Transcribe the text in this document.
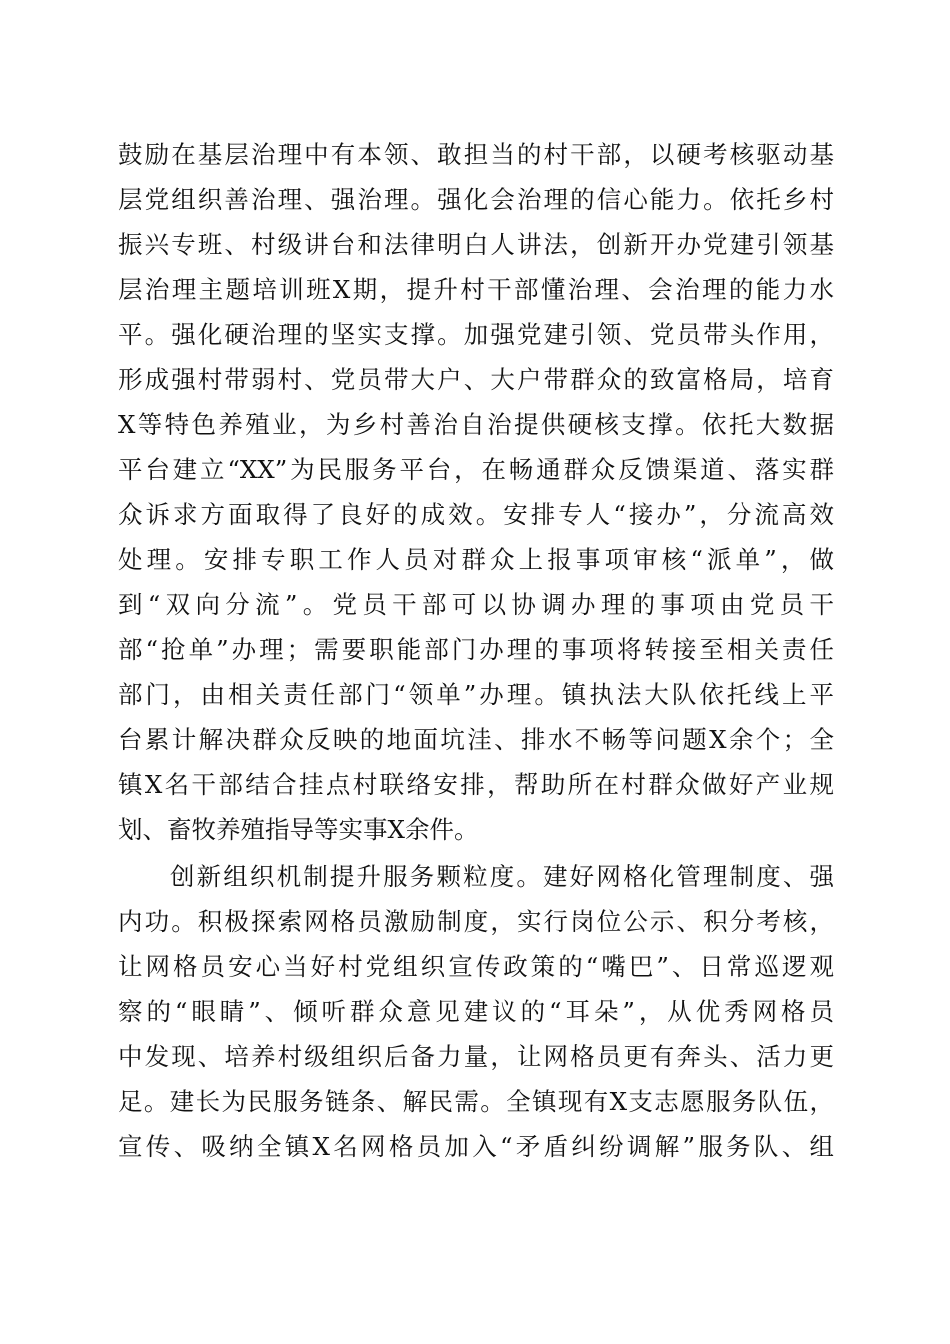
鼓励在基层治理中有本领、敢担当的村干部，以硬考核驱动基
层党组织善治理、强治理。强化会治理的信心能力。依托乡村
振兴专班、村级讲台和法律明白人讲法，创新开办党建引领基
层治理主题培训班X期，提升村干部懂治理、会治理的能力水
平。强化硬治理的坚实支撑。加强党建引领、党员带头作用，
形成强村带弱村、党员带大户、大户带群众的致富格局，培育
X等特色养殖业，为乡村善治自治提供硬核支撑。依托大数据
平台建立“XX”为民服务平台，在畅通群众反馈渠道、落实群
众诉求方面取得了良好的成效。安排专人“接办”，分流高效
处理。安排专职工作人员对群众上报事项审核“派单”，做
到“双向分流”。党员干部可以协调办理的事项由党员干
部“抢单”办理；需要职能部门办理的事项将转接至相关责任
部门，由相关责任部门“领单”办理。镇执法大队依托线上平
台累计解决群众反映的地面坑洼、排水不畅等问题X余个；全
镇X名干部结合挂点村联络安排，帮助所在村群众做好产业规
划、畜牧养殖指导等实事X余件。
创新组织机制提升服务颗粒度。建好网格化管理制度、强
内功。积极探索网格员激励制度，实行岗位公示、积分考核，
让网格员安心当好村党组织宣传政策的“嘴巴”、日常巡逻观
察的“眼睛”、倾听群众意见建议的“耳朵”，从优秀网格员
中发现、培养村级组织后备力量，让网格员更有奔头、活力更
足。建长为民服务链条、解民需。全镇现有X支志愿服务队伍，
宣传、吸纳全镇X名网格员加入“矛盾纠纷调解”服务队、组
